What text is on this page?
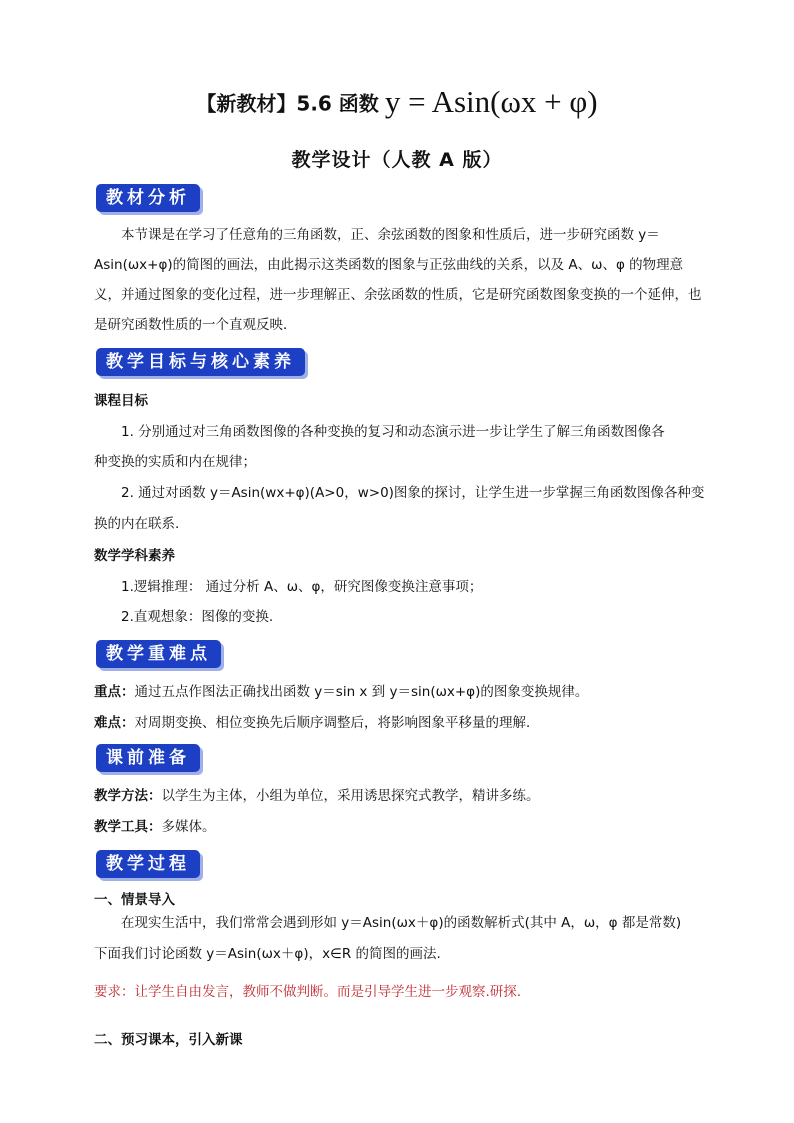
【新教材】5.6 函数 y = Asin(ωx + φ)
教学设计（人教 A 版）
教材分析
本节课是在学习了任意角的三角函数，正、余弦函数的图象和性质后，进一步研究函数 y＝Asin(ωx+φ)的简图的画法，由此揭示这类函数的图象与正弦曲线的关系，以及 A、ω、φ 的物理意义，并通过图象的变化过程，进一步理解正、余弦函数的性质，它是研究函数图象变换的一个延伸，也是研究函数性质的一个直观反映．
教学目标与核心素养
课程目标
1. 分别通过对三角函数图像的各种变换的复习和动态演示进一步让学生了解三角函数图像各
种变换的实质和内在规律；
2. 通过对函数 y＝Asin(wx+φ)(A>0，w>0)图象的探讨，让学生进一步掌握三角函数图像各种变
换的内在联系.
数学学科素养
1.逻辑推理： 通过分析 A、ω、φ，研究图像变换注意事项；
2.直观想象：图像的变换.
教学重难点
重点：通过五点作图法正确找出函数 y＝sin x 到 y＝sin(ωx+φ)的图象变换规律。
难点：对周期变换、相位变换先后顺序调整后，将影响图象平移量的理解．
课前准备
教学方法：以学生为主体，小组为单位，采用诱思探究式教学，精讲多练。
教学工具：多媒体。
教学过程
一、情景导入
在现实生活中，我们常常会遇到形如 y＝Asin(ωx＋φ)的函数解析式(其中 A，ω，φ 都是常数)
下面我们讨论函数 y＝Asin(ωx＋φ)，x∈R 的简图的画法.
要求：让学生自由发言，教师不做判断。而是引导学生进一步观察.研探.
二、预习课本，引入新课
